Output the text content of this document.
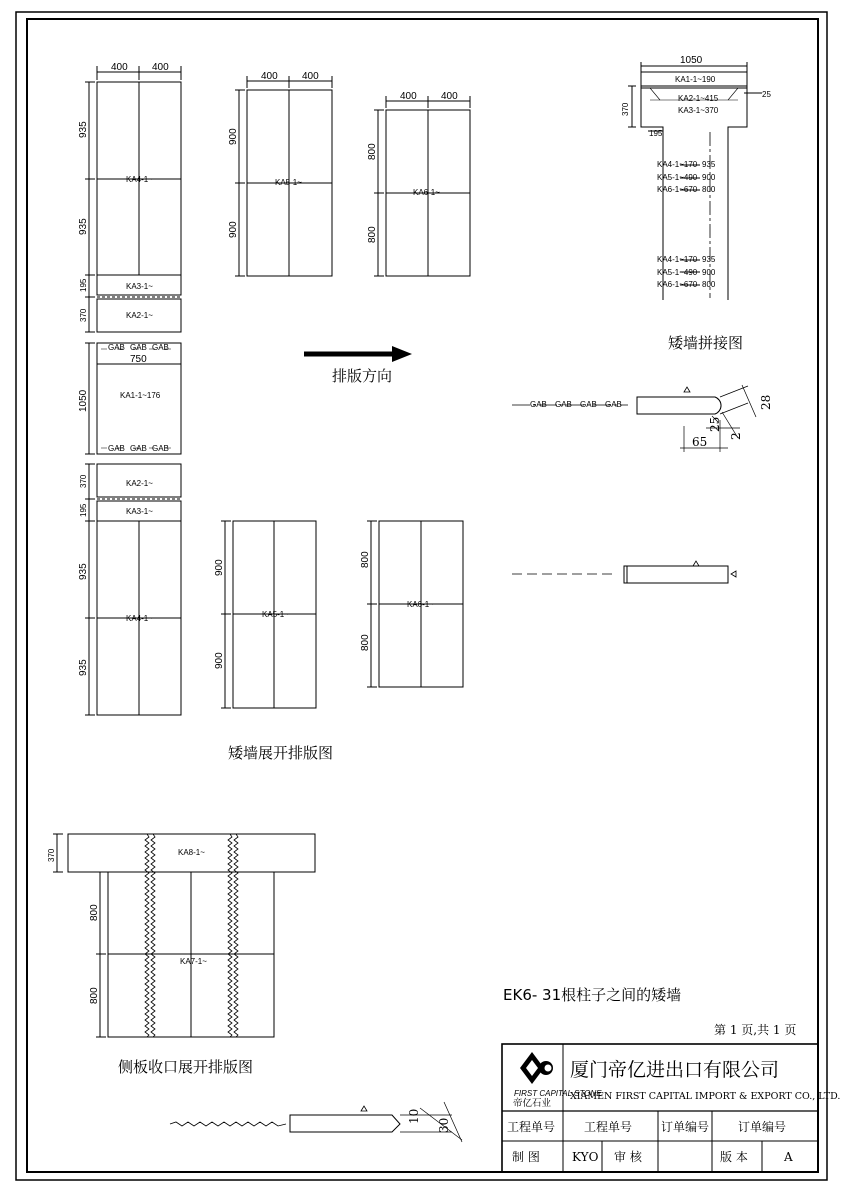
400 400
935
935
195
370
KA4-1~
KA3-1~
KA2-1~
GAB GAB GAB
GAB GAB GAB
750
1050	KA1-1~176
370
195
935
935
KA2-1~
KA3-1~
KA4-1~
400 400
900
900
KA5-1~
400 400
800
800
KA6-1~
排版方向
900
900
KA5-1~
800
800
KA6-1~
矮墙展开排版图
1050
370
25
195
KA1-1~190
KA2-1~415
KA3-1~370
KA4-1~170
KA5-1~490
KA6-1~670
935
900
800
KA4-1~170
KA5-1~490
KA6-1~670
935
900
800
矮墙拼接图
GAB GAB GAB GAB	28
25
2
65
370
800
800
KA8-1~
KA7-1~
侧板收口展开排版图
10
30
EK6- 31根柱子之间的矮墙
第 1 页,共 1 页
FIRST CAPITAL STONE
帝亿石业
厦门帝亿进出口有限公司
XIAMEN FIRST CAPITAL IMPORT & EXPORT CO., LTD.
工程单号 工程单号 订单编号 订单编号
制 图	KYO 审 核	版 本	A
